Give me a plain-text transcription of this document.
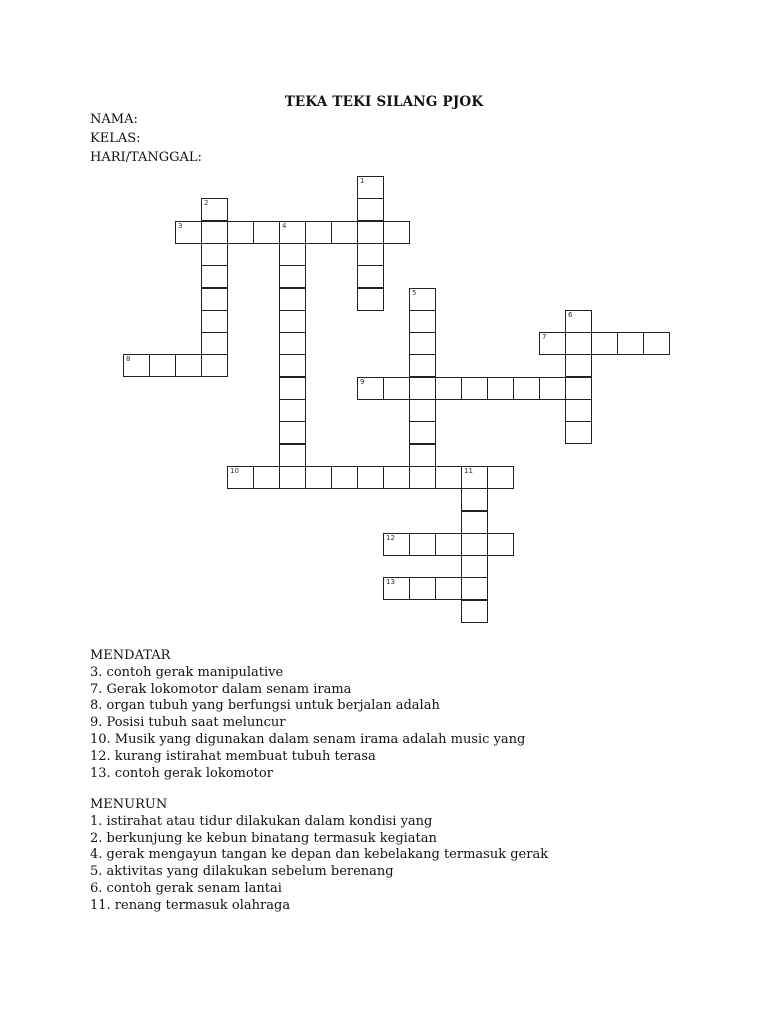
TEKA TEKI SILANG PJOK
NAMA:
KELAS:
HARI/TANGGAL:
1
2
3	4
5
6
7
8
9
10	11
12
13
MENDATAR
3. contoh gerak manipulative
7. Gerak lokomotor dalam senam irama
8. organ tubuh yang berfungsi untuk berjalan adalah
9. Posisi tubuh saat meluncur
10. Musik yang digunakan dalam senam irama adalah music yang
12. kurang istirahat membuat tubuh terasa
13. contoh gerak lokomotor
MENURUN
1. istirahat atau tidur dilakukan dalam kondisi yang
2. berkunjung ke kebun binatang termasuk kegiatan
4. gerak mengayun tangan ke depan dan kebelakang termasuk gerak
5. aktivitas yang dilakukan sebelum berenang
6. contoh gerak senam lantai
11. renang termasuk olahraga
